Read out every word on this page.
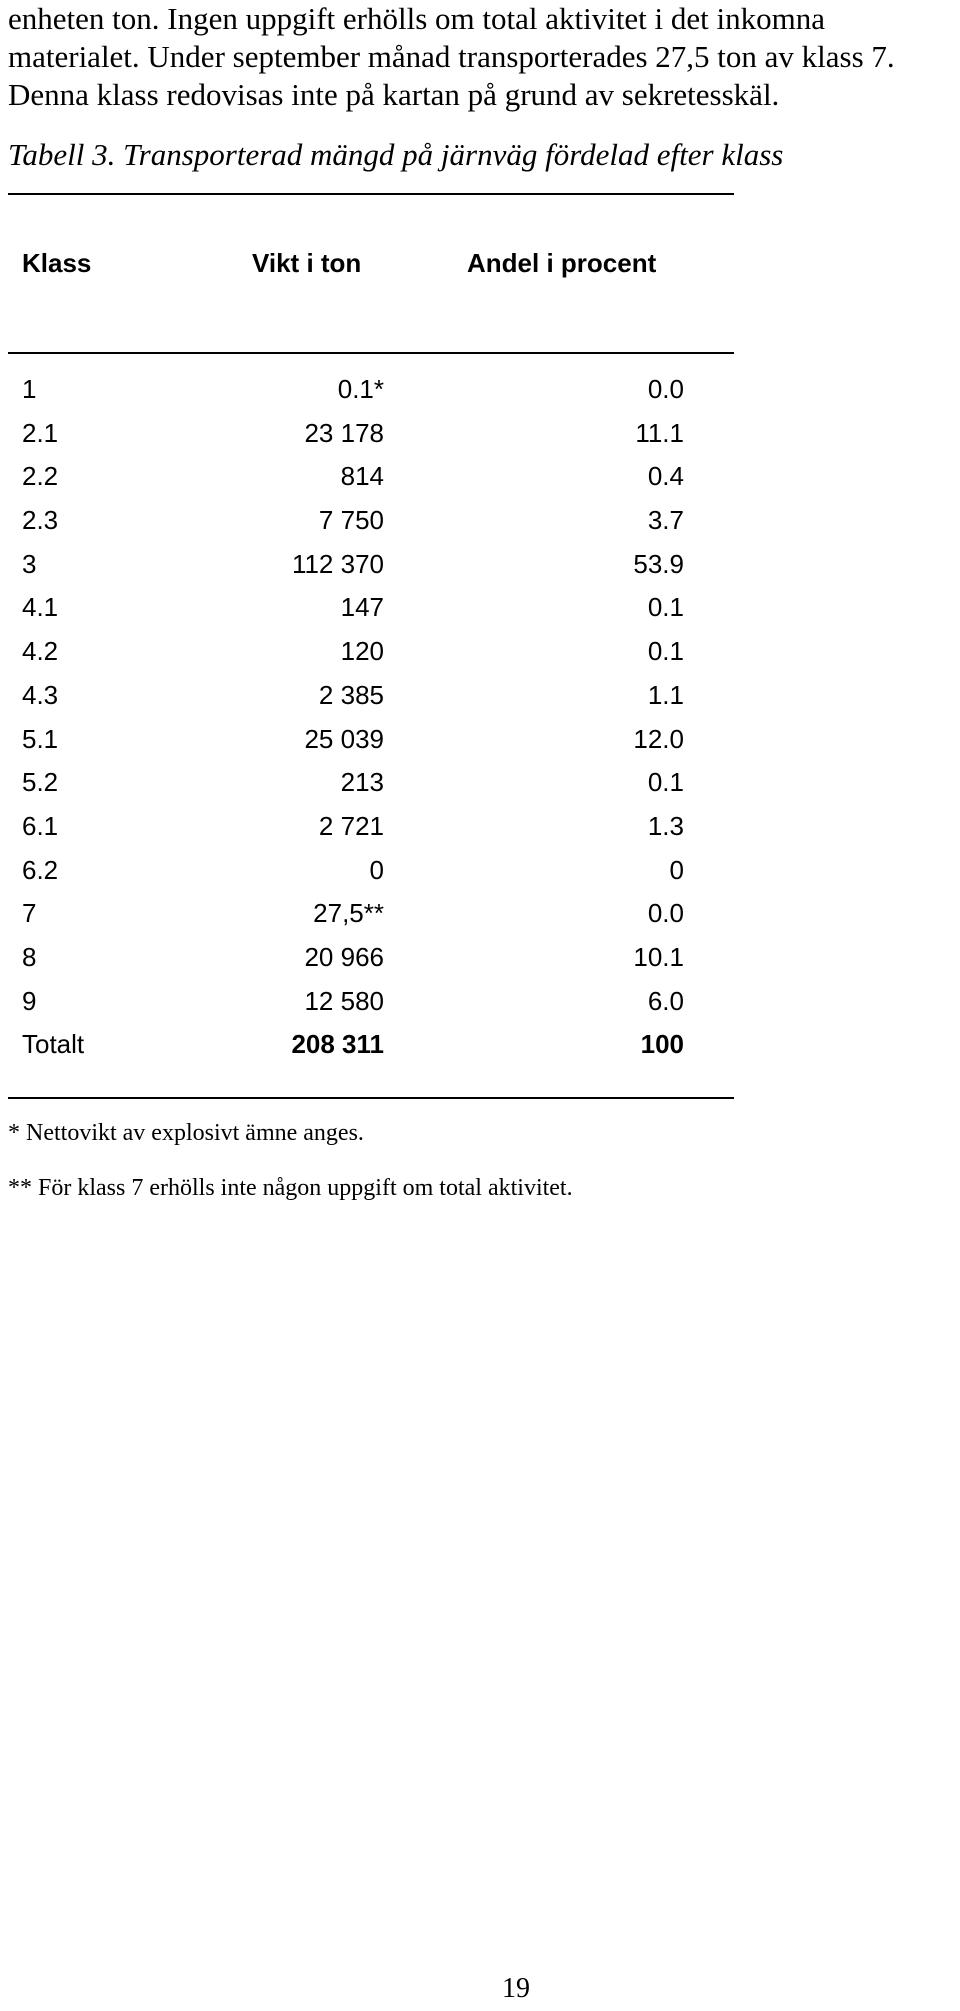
enheten ton. Ingen uppgift erhölls om total aktivitet i det inkomna

materialet. Under september månad transporterades 27,5 ton av klass 7.

Denna klass redovisas inte på kartan på grund av sekretesskäl.

Tabell 3. Transporterad mängd på järnväg fördelad efter klass
Klass	Vikt i ton	Andel i procent
1	0.1*	0.0
2.1	23 178	11.1
2.2	814	0.4
2.3	7 750	3.7
3	112 370	53.9
4.1	147	0.1
4.2	120	0.1
4.3	2 385	1.1
5.1	25 039	12.0
5.2	213	0.1
6.1	2 721	1.3
6.2	0	0
7	27,5**	0.0
8	20 966	10.1
9	12 580	6.0
Totalt	208 311	100

* Nettovikt av explosivt ämne anges.

** För klass 7 erhölls inte någon uppgift om total aktivitet.

19
